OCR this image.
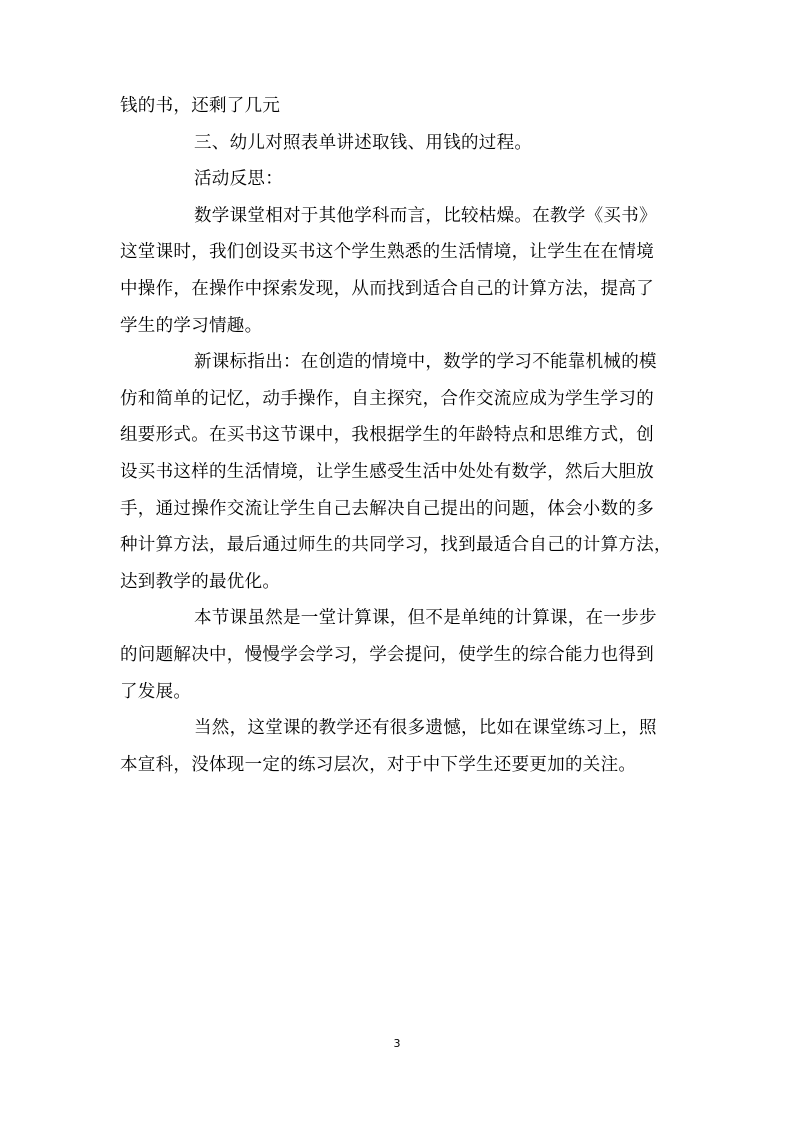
钱的书，还剩了几元
三、幼儿对照表单讲述取钱、用钱的过程。
活动反思：
数学课堂相对于其他学科而言，比较枯燥。在教学《买书》
这堂课时，我们创设买书这个学生熟悉的生活情境，让学生在在情境
中操作，在操作中探索发现，从而找到适合自己的计算方法，提高了
学生的学习情趣。
新课标指出：在创造的情境中，数学的学习不能靠机械的模
仿和简单的记忆，动手操作，自主探究，合作交流应成为学生学习的
组要形式。在买书这节课中，我根据学生的年龄特点和思维方式，创
设买书这样的生活情境，让学生感受生活中处处有数学，然后大胆放
手，通过操作交流让学生自己去解决自己提出的问题，体会小数的多
种计算方法，最后通过师生的共同学习，找到最适合自己的计算方法，
达到教学的最优化。
本节课虽然是一堂计算课，但不是单纯的计算课，在一步步
的问题解决中，慢慢学会学习，学会提问，使学生的综合能力也得到
了发展。
当然，这堂课的教学还有很多遗憾，比如在课堂练习上，照
本宣科，没体现一定的练习层次，对于中下学生还要更加的关注。
3
